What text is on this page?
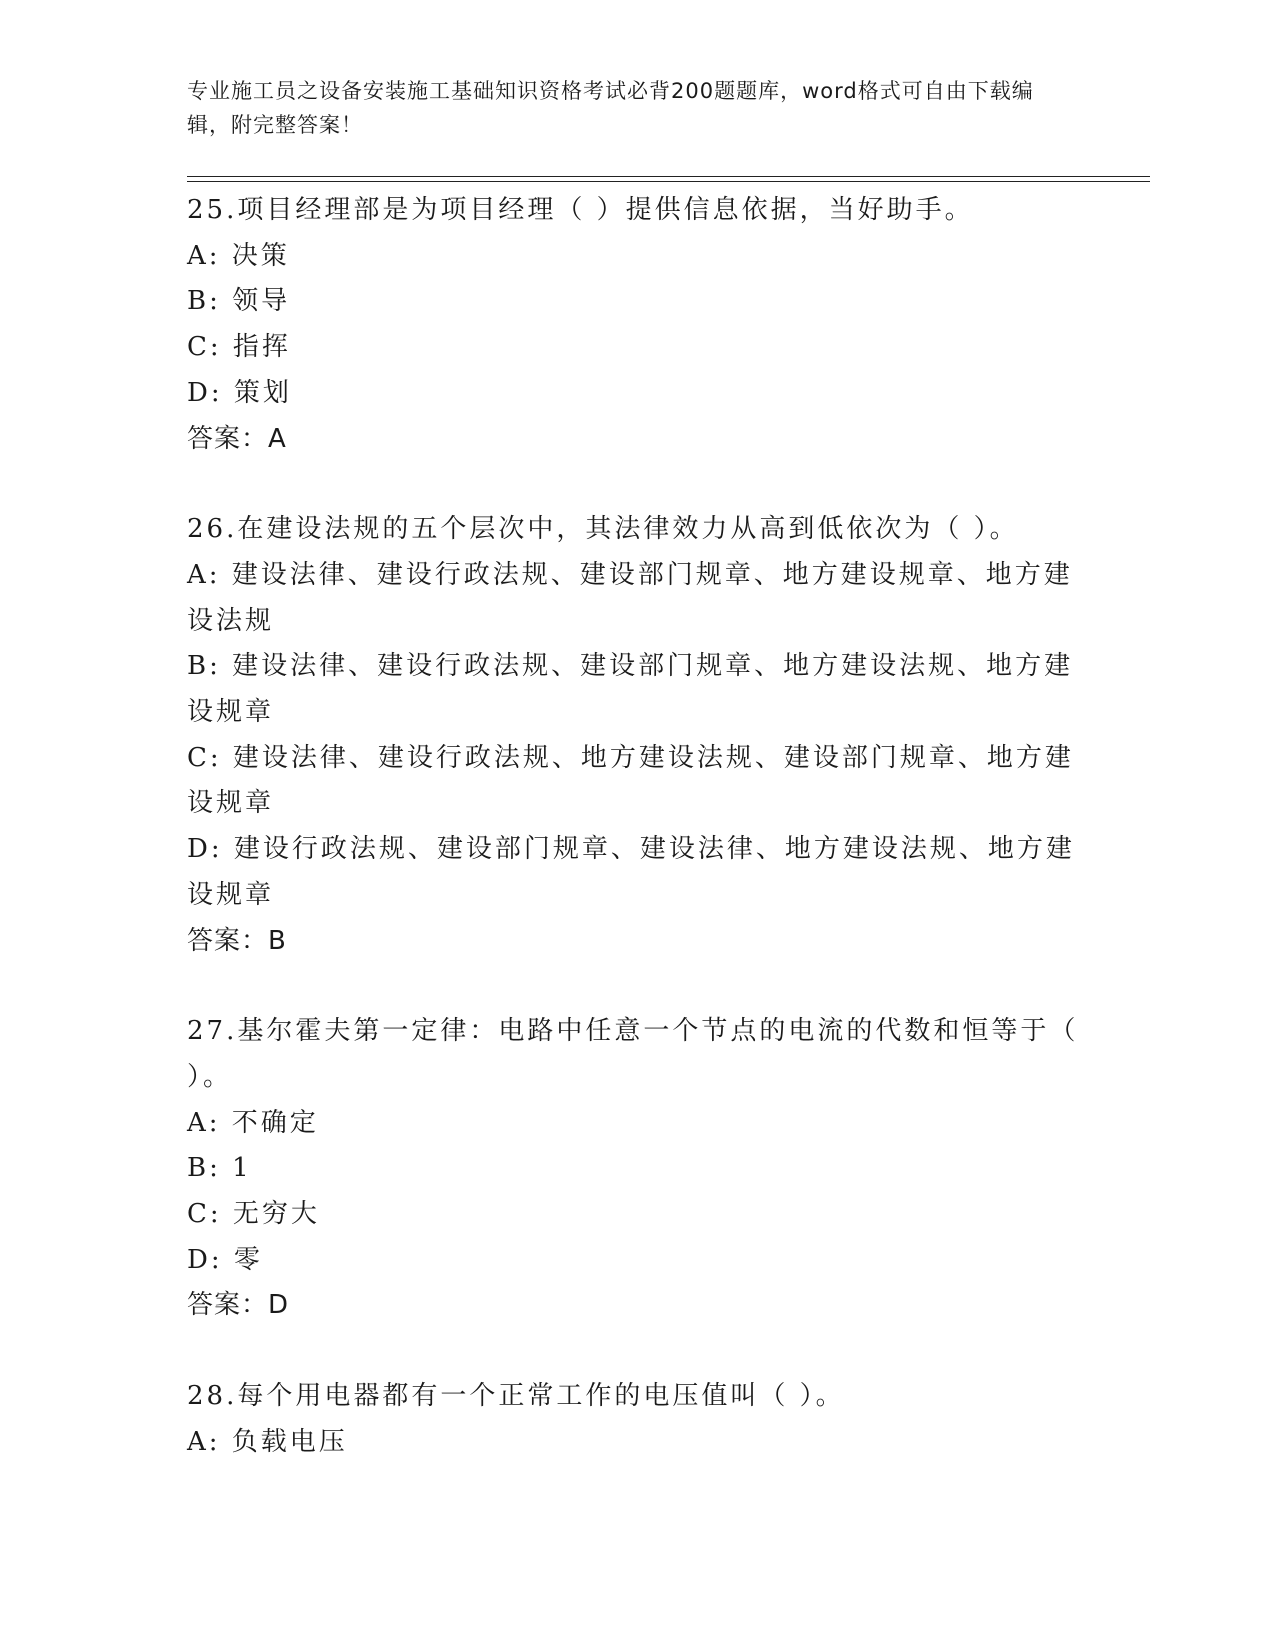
专业施工员之设备安装施工基础知识资格考试必背200题题库，word格式可自由下载编辑，附完整答案！

25.项目经理部是为项目经理（ ）提供信息依据，当好助手。

A: 决策

B: 领导

C: 指挥

D: 策划

答案：A

26.在建设法规的五个层次中，其法律效力从高到低依次为（ ）。

A: 建设法律、建设行政法规、建设部门规章、地方建设规章、地方建设法规

B: 建设法律、建设行政法规、建设部门规章、地方建设法规、地方建设规章

C: 建设法律、建设行政法规、地方建设法规、建设部门规章、地方建设规章

D: 建设行政法规、建设部门规章、建设法律、地方建设法规、地方建设规章

答案：B

27.基尔霍夫第一定律：电路中任意一个节点的电流的代数和恒等于（ ）。

A: 不确定

B: 1

C: 无穷大

D: 零

答案：D

28.每个用电器都有一个正常工作的电压值叫（ ）。

A: 负载电压
